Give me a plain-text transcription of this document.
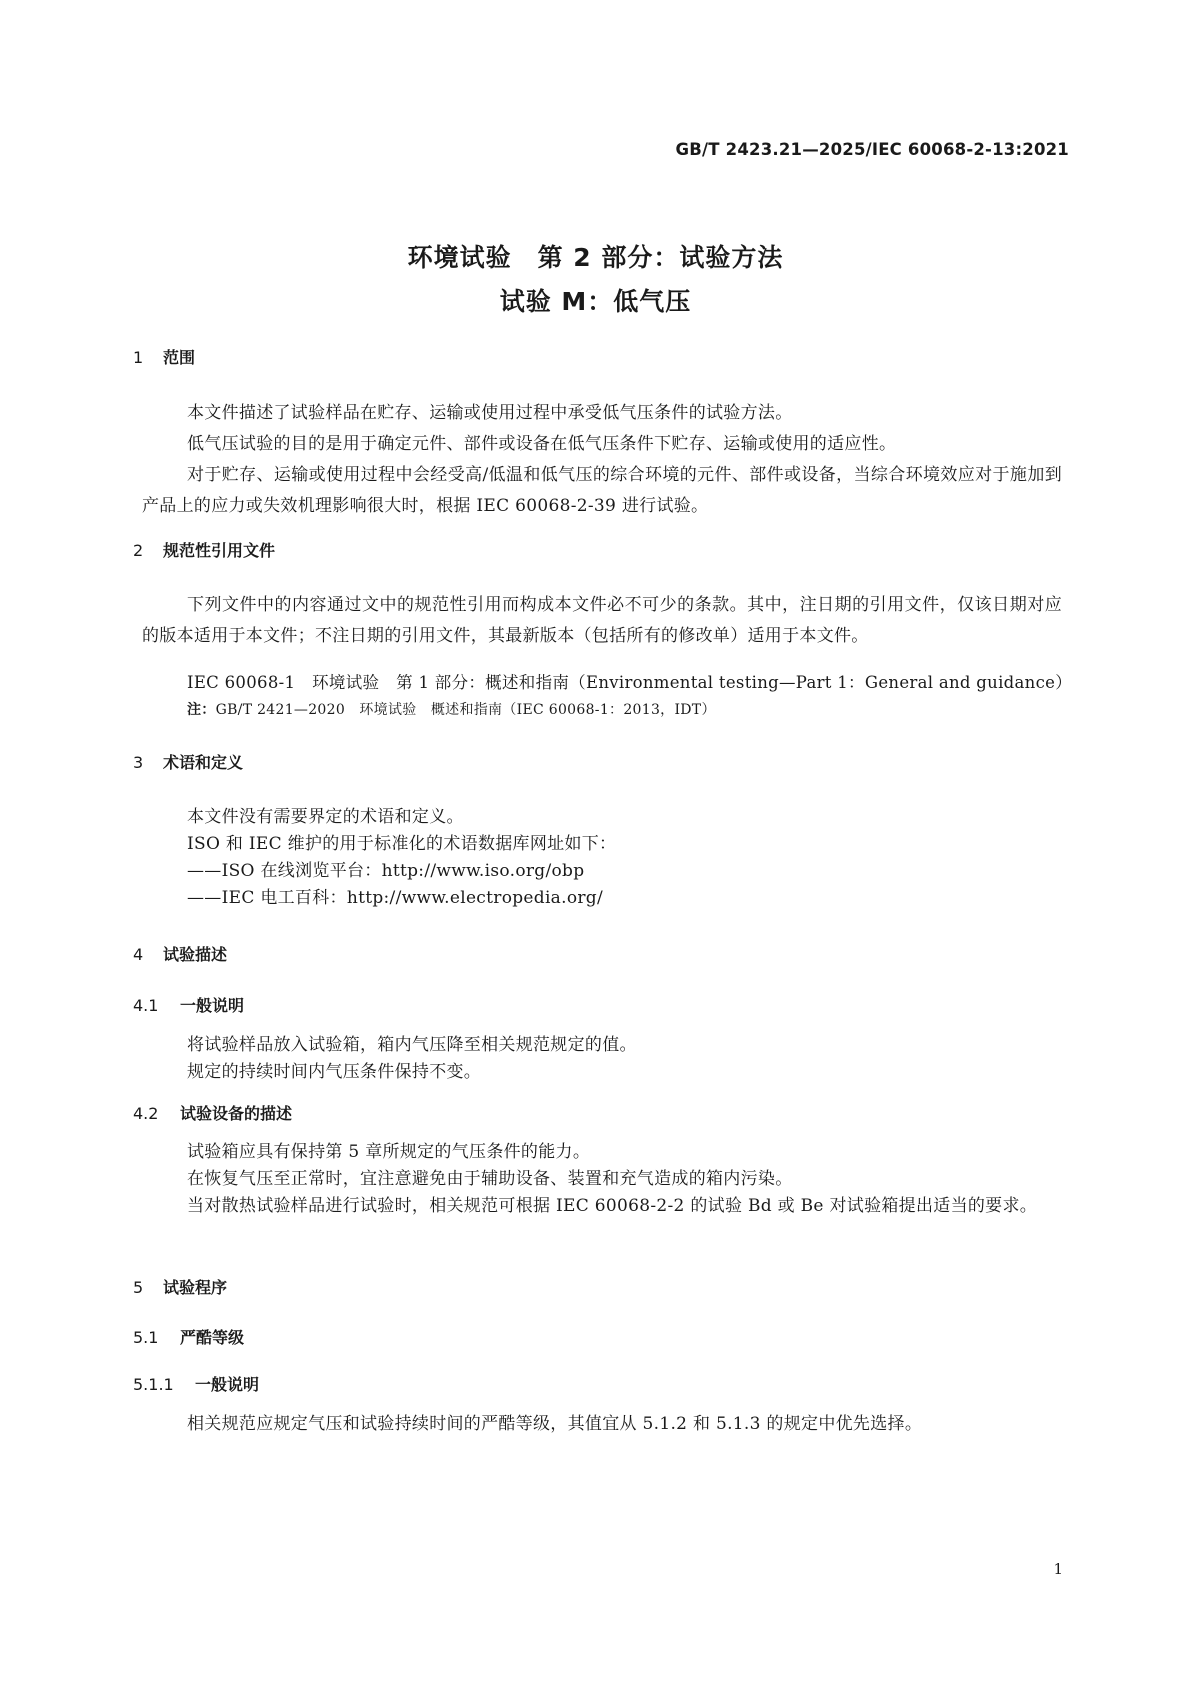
GB/T 2423.21—2025/IEC 60068-2-13:2021
环境试验　第 2 部分：试验方法
试验 M：低气压
1 范围
本文件描述了试验样品在贮存、运输或使用过程中承受低气压条件的试验方法。
低气压试验的目的是用于确定元件、部件或设备在低气压条件下贮存、运输或使用的适应性。
对于贮存、运输或使用过程中会经受高/低温和低气压的综合环境的元件、部件或设备，当综合环境效应对于施加到产品上的应力或失效机理影响很大时，根据 IEC 60068-2-39 进行试验。
2 规范性引用文件
下列文件中的内容通过文中的规范性引用而构成本文件必不可少的条款。其中，注日期的引用文件，仅该日期对应的版本适用于本文件；不注日期的引用文件，其最新版本（包括所有的修改单）适用于本文件。
IEC 60068-1　环境试验　第 1 部分：概述和指南（Environmental testing—Part 1：General and guidance）
注：GB/T 2421—2020　环境试验　概述和指南（IEC 60068-1：2013，IDT）
3 术语和定义
本文件没有需要界定的术语和定义。
ISO 和 IEC 维护的用于标准化的术语数据库网址如下：
——ISO 在线浏览平台：http://www.iso.org/obp
——IEC 电工百科：http://www.electropedia.org/
4 试验描述
4.1 一般说明
将试验样品放入试验箱，箱内气压降至相关规范规定的值。
规定的持续时间内气压条件保持不变。
4.2 试验设备的描述
试验箱应具有保持第 5 章所规定的气压条件的能力。
在恢复气压至正常时，宜注意避免由于辅助设备、装置和充气造成的箱内污染。
当对散热试验样品进行试验时，相关规范可根据 IEC 60068-2-2 的试验 Bd 或 Be 对试验箱提出适当的要求。
5 试验程序
5.1 严酷等级
5.1.1 一般说明
相关规范应规定气压和试验持续时间的严酷等级，其值宜从 5.1.2 和 5.1.3 的规定中优先选择。
1
